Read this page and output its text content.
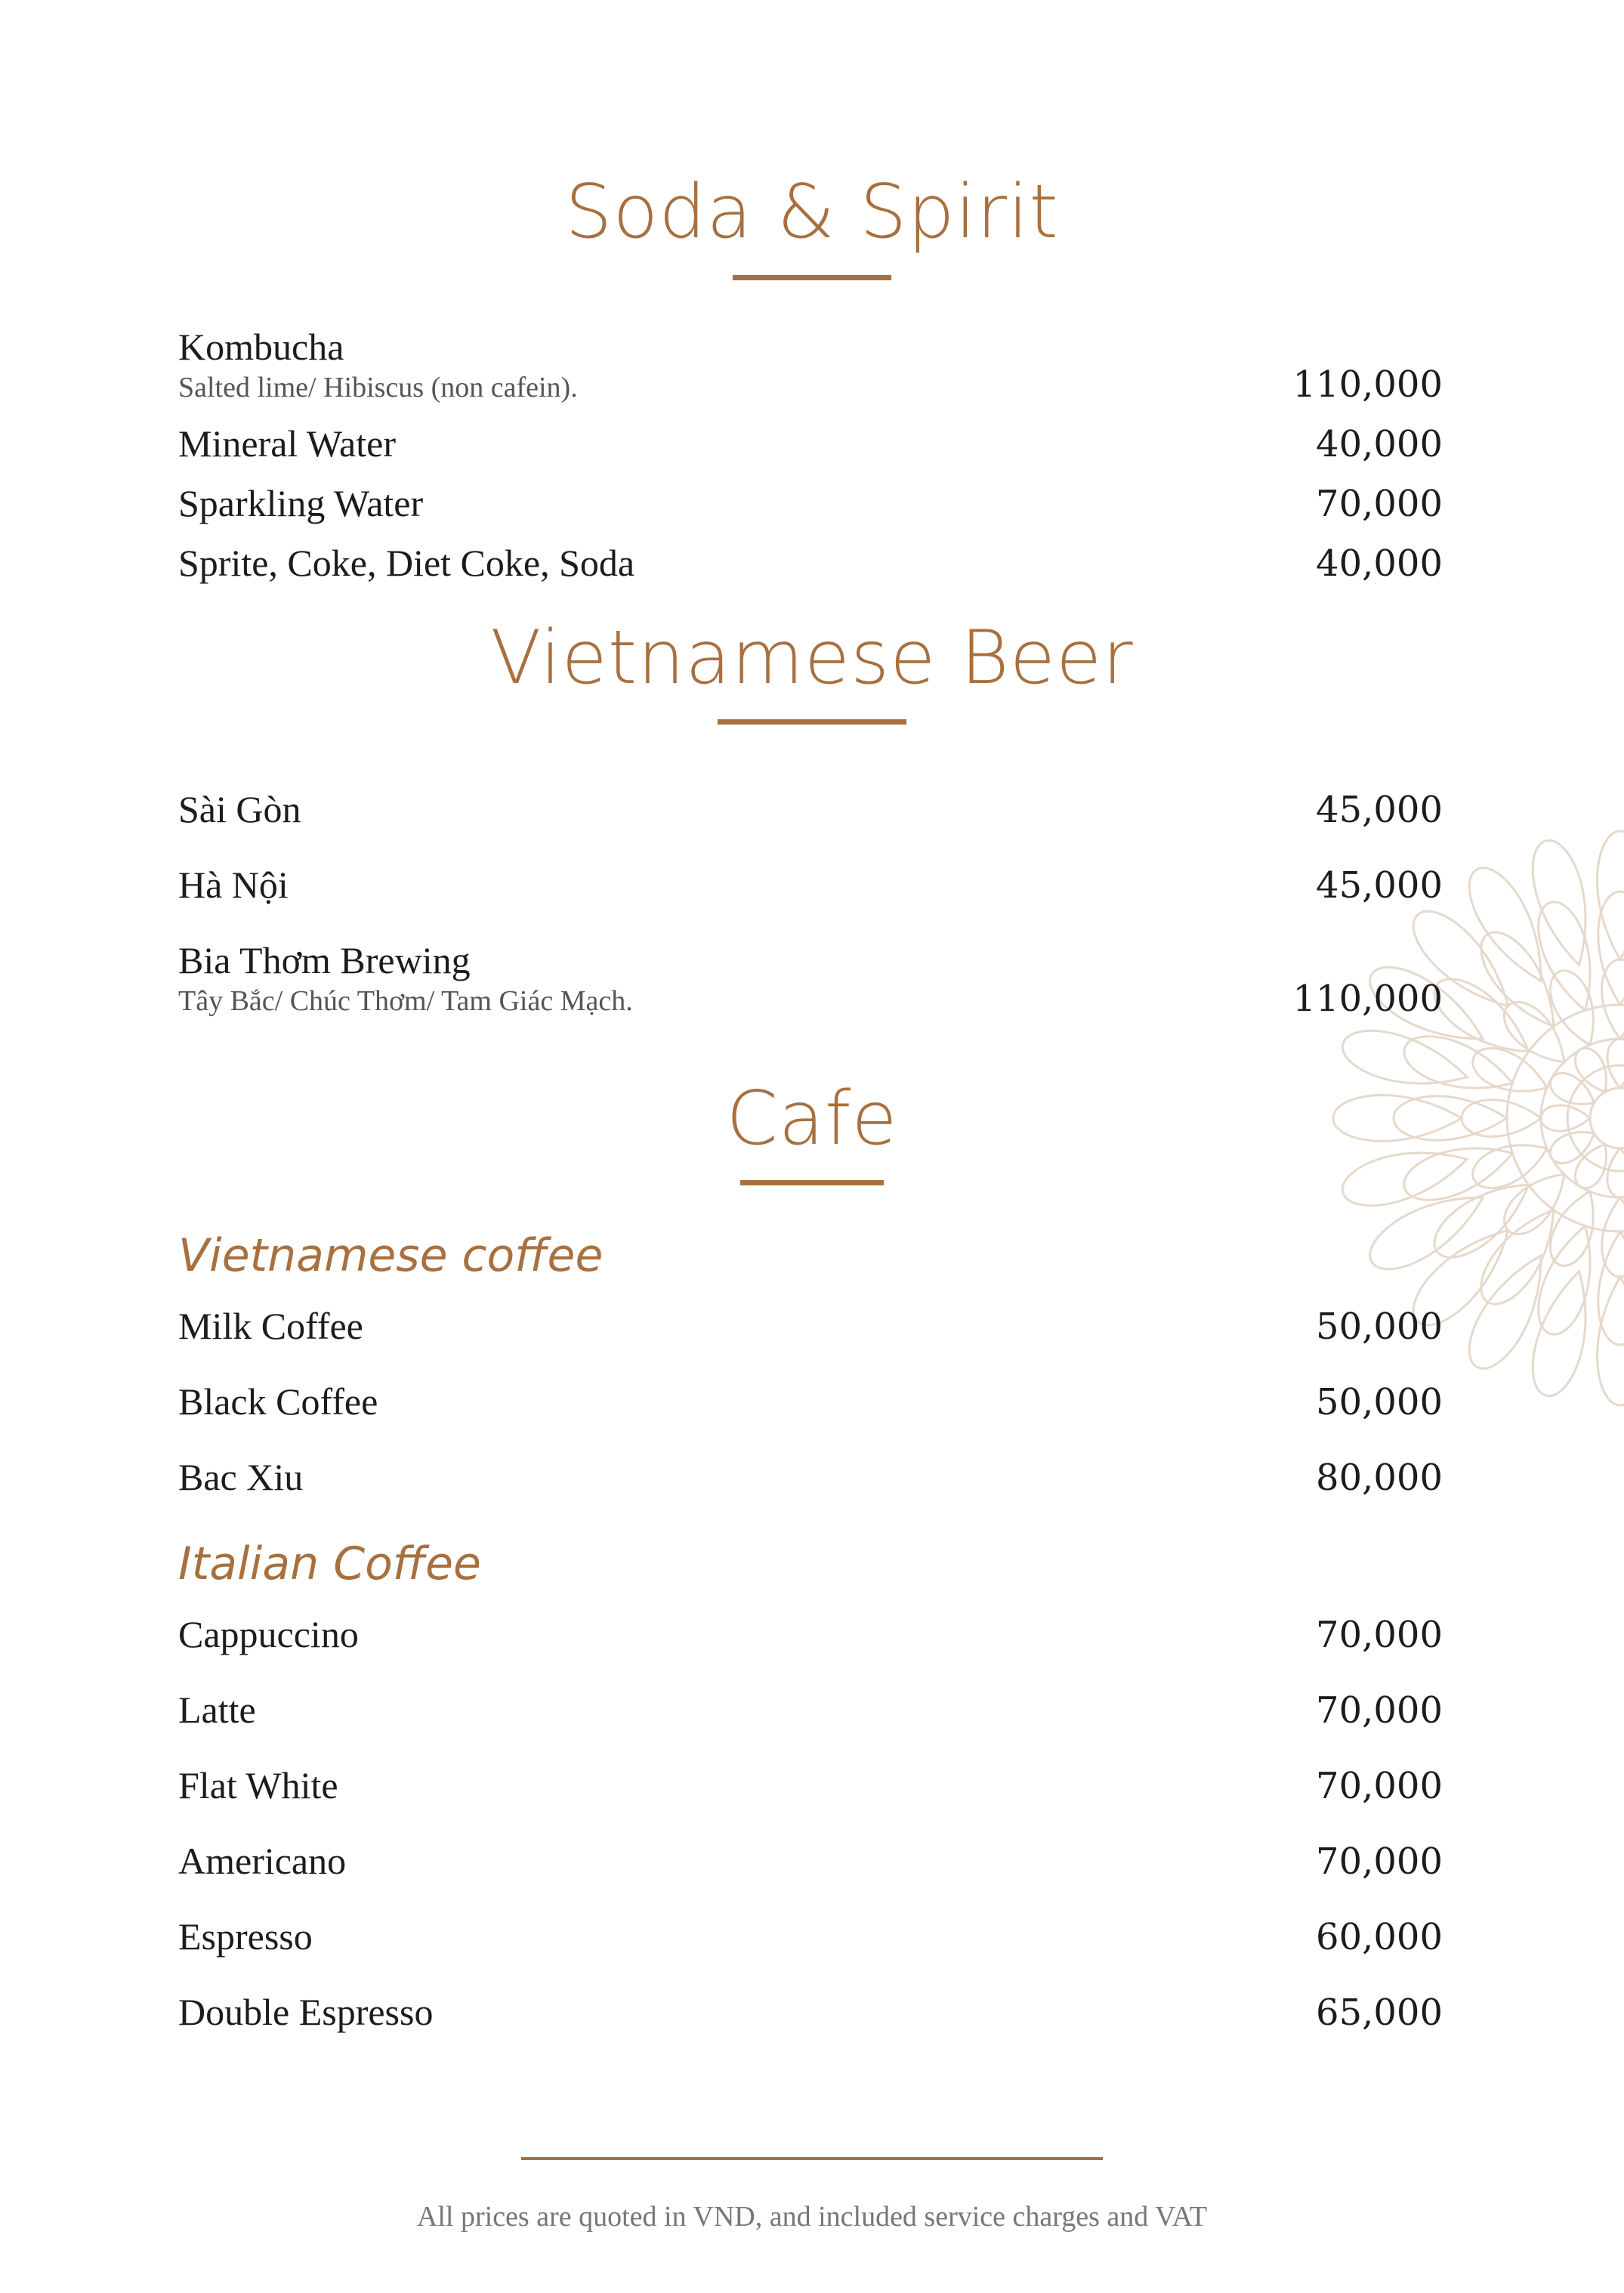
Soda & Spirit
Kombucha
Salted lime/ Hibiscus (non cafein).	110,000
Mineral Water	40,000
Sparkling Water	70,000
Sprite, Coke, Diet Coke, Soda	40,000
Vietnamese Beer
Sài Gòn	45,000
Hà Nội	45,000
Bia Thơm Brewing
Tây Bắc/ Chúc Thơm/ Tam Giác Mạch.	110,000
Cafe
Vietnamese coffee
Milk Coffee	50,000
Black Coffee	50,000
Bac Xiu	80,000
Italian Coffee
Cappuccino	70,000
Latte	70,000
Flat White	70,000
Americano	70,000
Espresso	60,000
Double Espresso	65,000
All prices are quoted in VND, and included service charges and VAT
